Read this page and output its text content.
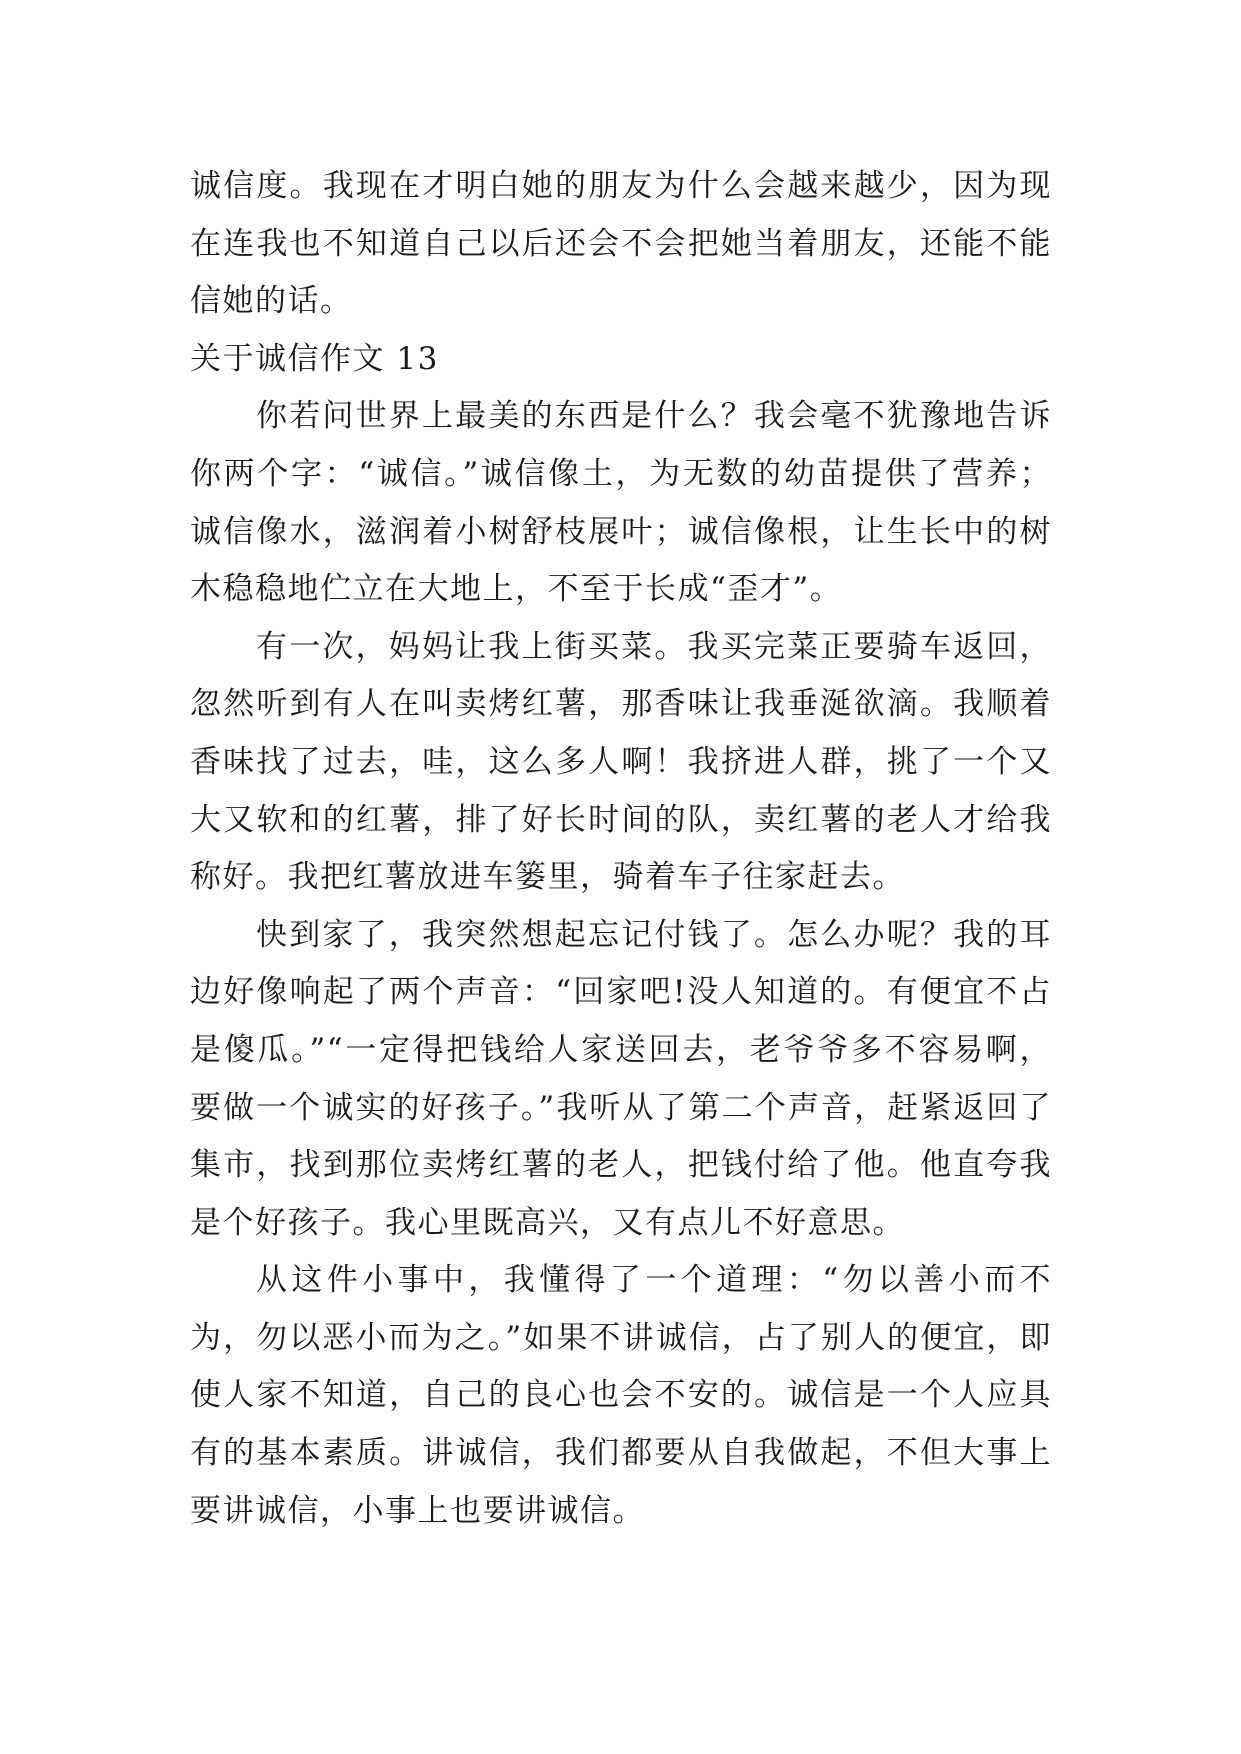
诚信度。我现在才明白她的朋友为什么会越来越少，因为现在连我也不知道自己以后还会不会把她当着朋友，还能不能信她的话。

关于诚信作文 13

你若问世界上最美的东西是什么？我会毫不犹豫地告诉你两个字：“诚信。”诚信像土，为无数的幼苗提供了营养；诚信像水，滋润着小树舒枝展叶；诚信像根，让生长中的树木稳稳地伫立在大地上，不至于长成“歪才”。

有一次，妈妈让我上街买菜。我买完菜正要骑车返回，忽然听到有人在叫卖烤红薯，那香味让我垂涎欲滴。我顺着香味找了过去，哇，这么多人啊！我挤进人群，挑了一个又大又软和的红薯，排了好长时间的队，卖红薯的老人才给我称好。我把红薯放进车篓里，骑着车子往家赶去。

快到家了，我突然想起忘记付钱了。怎么办呢？我的耳边好像响起了两个声音：“回家吧!没人知道的。有便宜不占是傻瓜。”“一定得把钱给人家送回去，老爷爷多不容易啊，要做一个诚实的好孩子。”我听从了第二个声音，赶紧返回了集市，找到那位卖烤红薯的老人，把钱付给了他。他直夸我是个好孩子。我心里既高兴，又有点儿不好意思。

从这件小事中，我懂得了一个道理：“勿以善小而不为，勿以恶小而为之。”如果不讲诚信，占了别人的便宜，即使人家不知道，自己的良心也会不安的。诚信是一个人应具有的基本素质。讲诚信，我们都要从自我做起，不但大事上要讲诚信，小事上也要讲诚信。
